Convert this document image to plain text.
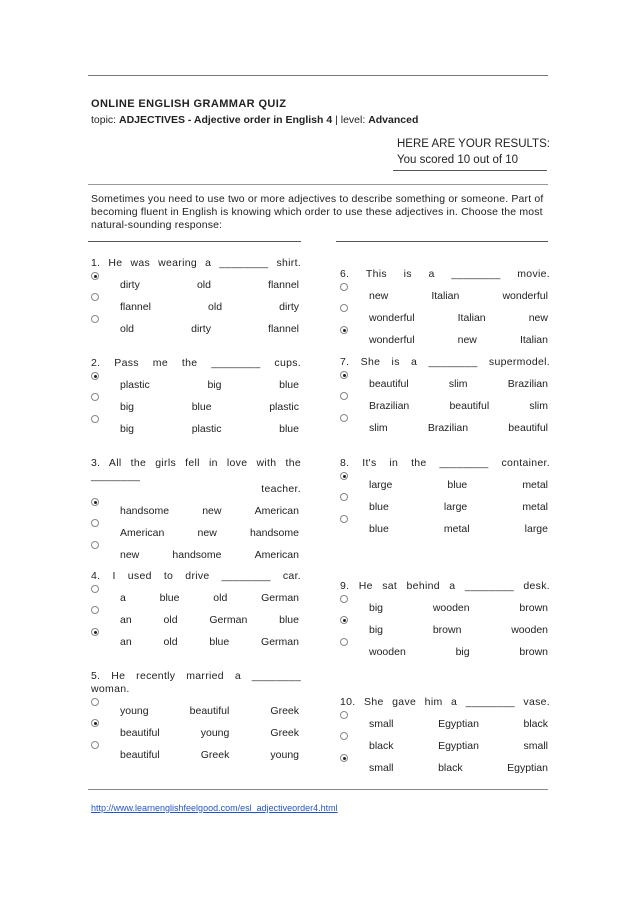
ONLINE ENGLISH GRAMMAR QUIZ
topic: ADJECTIVES - Adjective order in English 4 | level: Advanced
HERE ARE YOUR RESULTS:
You scored 10 out of 10
Sometimes you need to use two or more adjectives to describe something or someone. Part of becoming fluent in English is knowing which order to use these adjectives in. Choose the most natural-sounding response:
1. He was wearing a ________ shirt.
dirty	old	flannel
flannel	old	dirty
old	dirty	flannel
2. Pass me the ________ cups.
plastic	big	blue
big	blue	plastic
big	plastic	blue
3. All the girls fell in love with the ________
teacher.
handsome	new	American
American	new	handsome
new	handsome	American
4. I used to drive ________ car.
a	blue	old	German
an	old	German	blue
an	old	blue	German
5. He recently married a ________ woman.
young	beautiful	Greek
beautiful	young	Greek
beautiful	Greek	young
6. This is a ________ movie.
new	Italian	wonderful
wonderful	Italian	new
wonderful	new	Italian
7. She is a ________ supermodel.
beautiful	slim	Brazilian
Brazilian	beautiful	slim
slim	Brazilian	beautiful
8. It's in the ________ container.
large	blue	metal
blue	large	metal
blue	metal	large
9. He sat behind a ________ desk.
big	wooden	brown
big	brown	wooden
wooden	big	brown
10. She gave him a ________ vase.
small	Egyptian	black
black	Egyptian	small
small	black	Egyptian
http://www.learnenglishfeelgood.com/esl_adjectiveorder4.html
